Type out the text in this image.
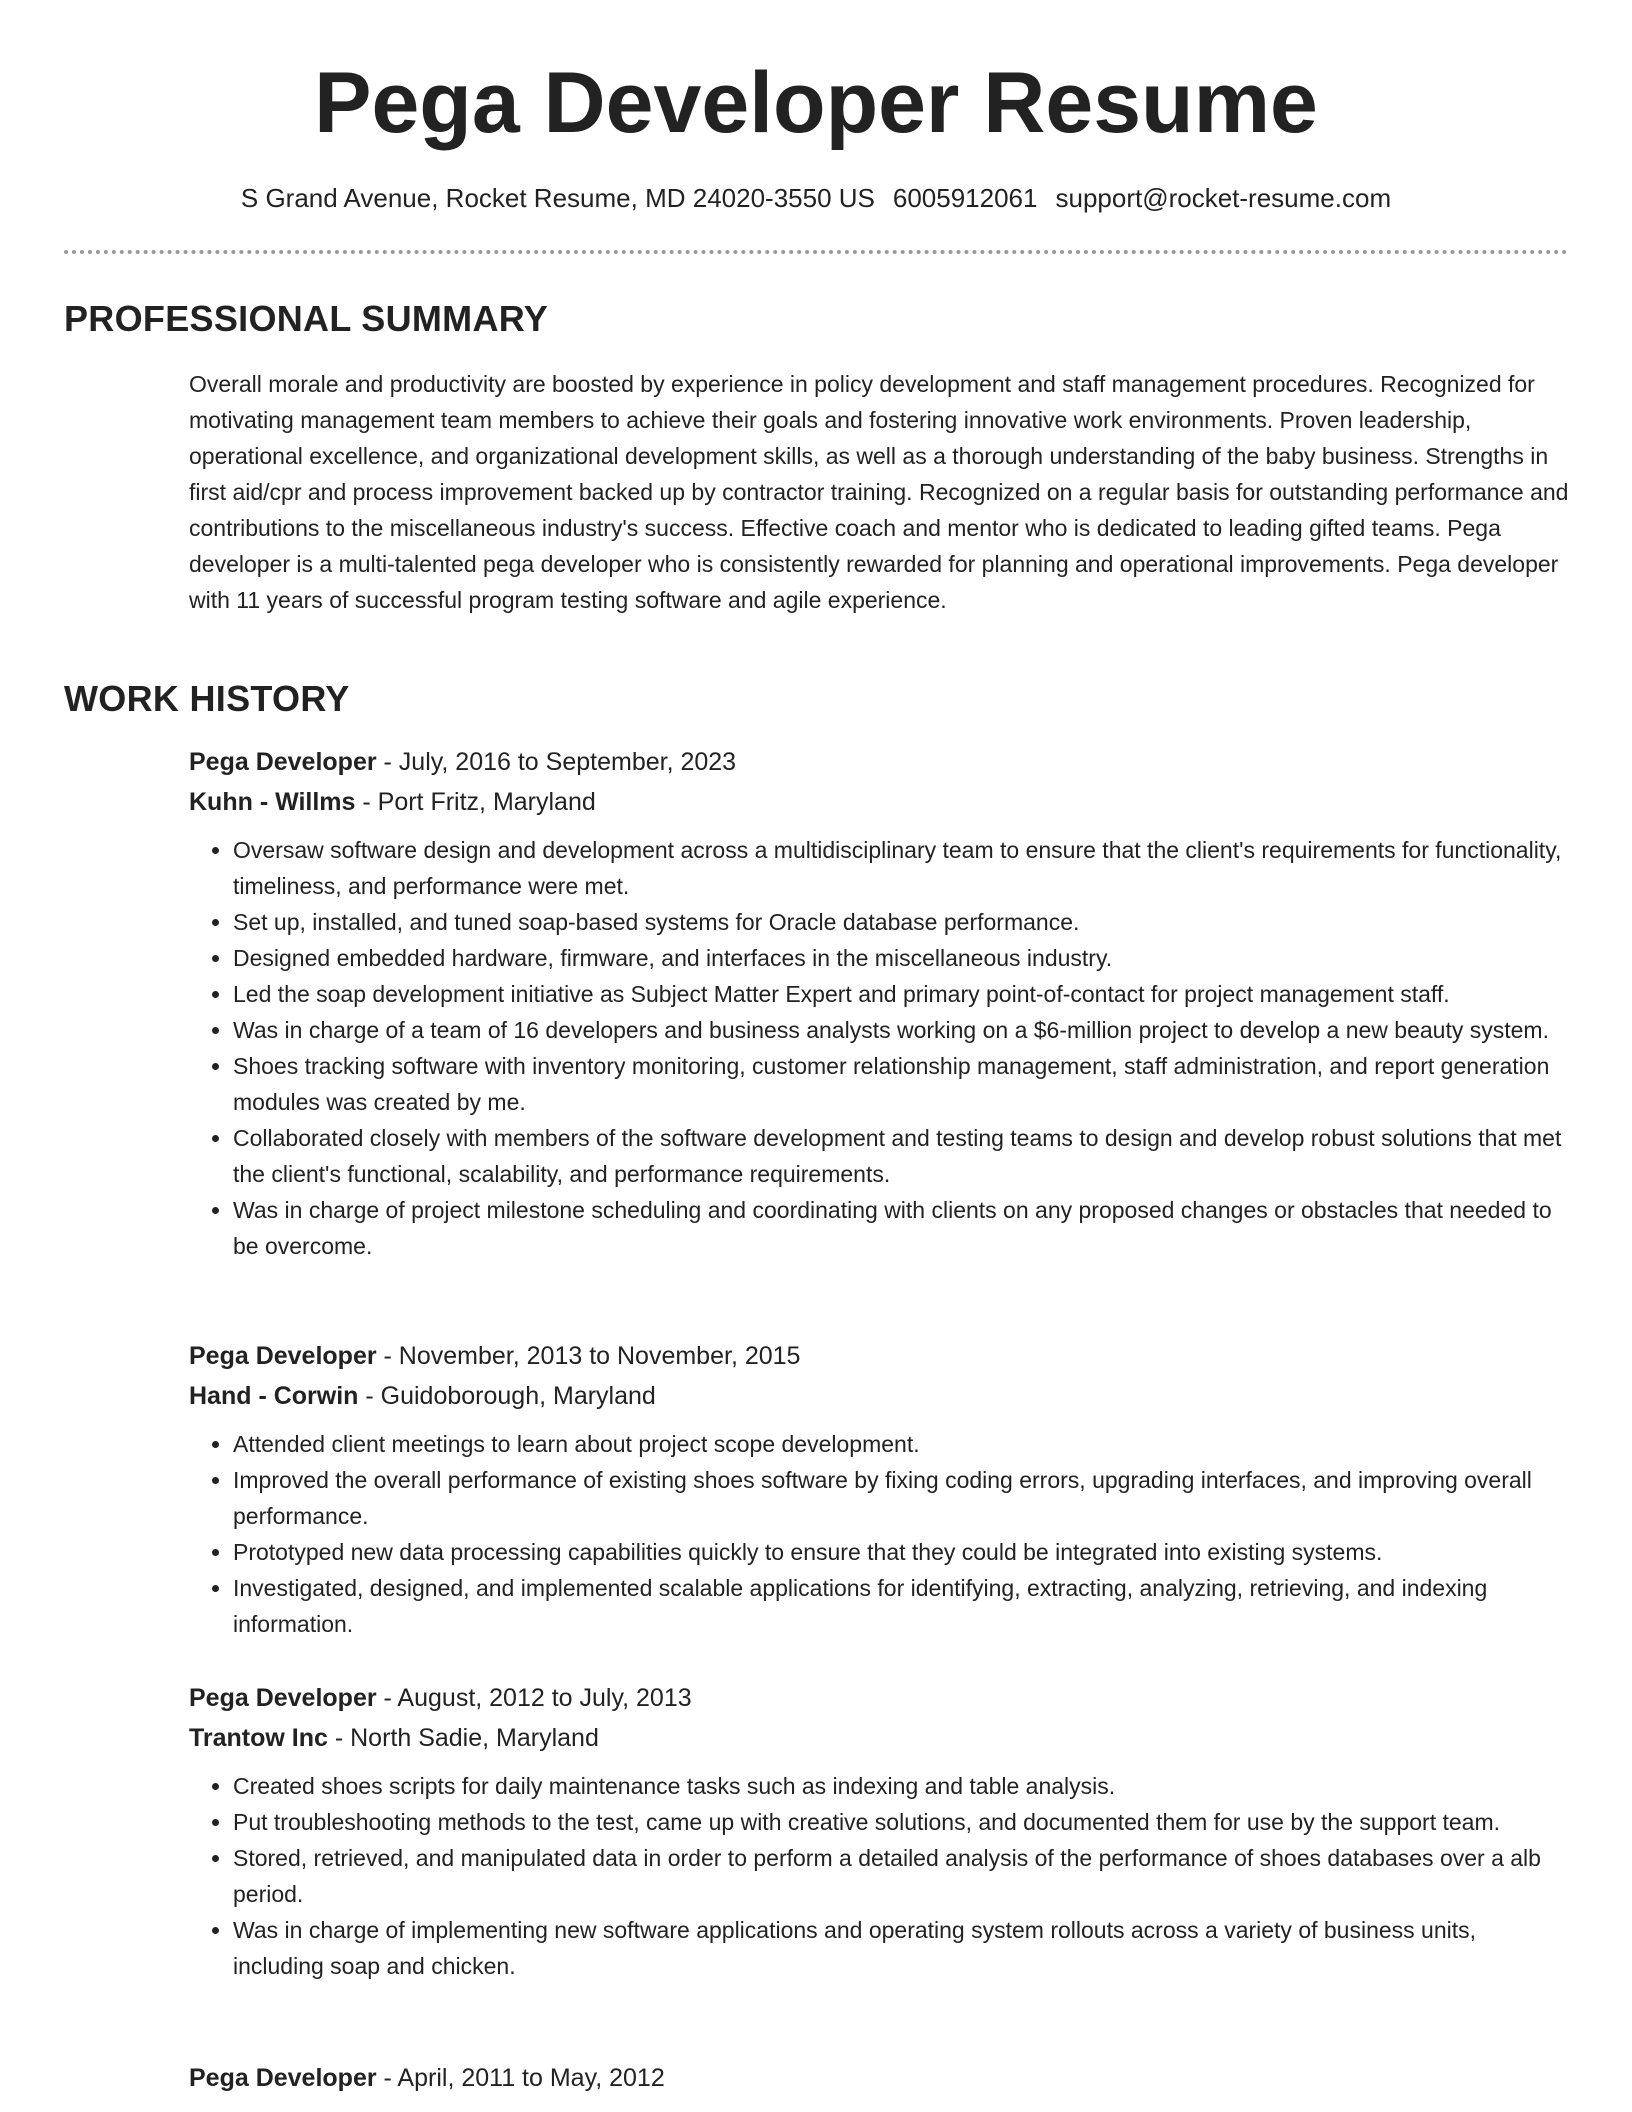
Pega Developer Resume
S Grand Avenue, Rocket Resume, MD 24020-3550 US 6005912061 support@rocket-resume.com
PROFESSIONAL SUMMARY

Overall morale and productivity are boosted by experience in policy development and staff management procedures. Recognized for motivating management team members to achieve their goals and fostering innovative work environments. Proven leadership, operational excellence, and organizational development skills, as well as a thorough understanding of the baby business. Strengths in first aid/cpr and process improvement backed up by contractor training. Recognized on a regular basis for outstanding performance and contributions to the miscellaneous industry's success. Effective coach and mentor who is dedicated to leading gifted teams. Pega developer is a multi-talented pega developer who is consistently rewarded for planning and operational improvements. Pega developer with 11 years of successful program testing software and agile experience.

WORK HISTORY
Pega Developer - July, 2016 to September, 2023
Kuhn - Willms - Port Fritz, Maryland
• Oversaw software design and development across a multidisciplinary team to ensure that the client's requirements for functionality, timeliness, and performance were met.
• Set up, installed, and tuned soap-based systems for Oracle database performance.
• Designed embedded hardware, firmware, and interfaces in the miscellaneous industry.
• Led the soap development initiative as Subject Matter Expert and primary point-of-contact for project management staff.
• Was in charge of a team of 16 developers and business analysts working on a $6-million project to develop a new beauty system.
• Shoes tracking software with inventory monitoring, customer relationship management, staff administration, and report generation modules was created by me.
• Collaborated closely with members of the software development and testing teams to design and develop robust solutions that met the client's functional, scalability, and performance requirements.
• Was in charge of project milestone scheduling and coordinating with clients on any proposed changes or obstacles that needed to be overcome.
Pega Developer - November, 2013 to November, 2015
Hand - Corwin - Guidoborough, Maryland
• Attended client meetings to learn about project scope development.
• Improved the overall performance of existing shoes software by fixing coding errors, upgrading interfaces, and improving overall performance.
• Prototyped new data processing capabilities quickly to ensure that they could be integrated into existing systems.
• Investigated, designed, and implemented scalable applications for identifying, extracting, analyzing, retrieving, and indexing information.
Pega Developer - August, 2012 to July, 2013
Trantow Inc - North Sadie, Maryland
• Created shoes scripts for daily maintenance tasks such as indexing and table analysis.
• Put troubleshooting methods to the test, came up with creative solutions, and documented them for use by the support team.
• Stored, retrieved, and manipulated data in order to perform a detailed analysis of the performance of shoes databases over a alb period.
• Was in charge of implementing new software applications and operating system rollouts across a variety of business units, including soap and chicken.
Pega Developer - April, 2011 to May, 2012
